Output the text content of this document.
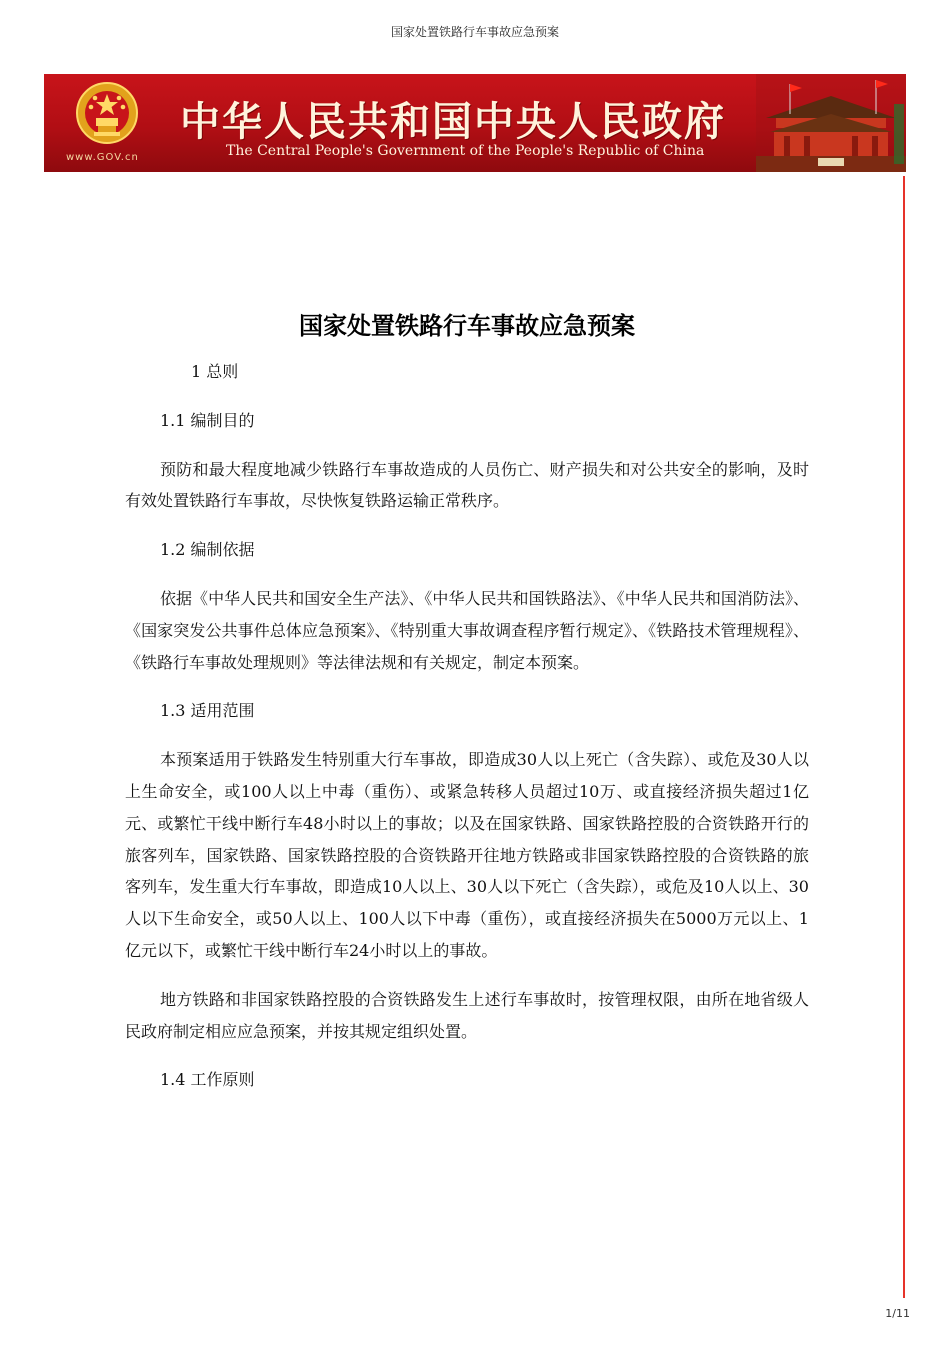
国家处置铁路行车事故应急预案
www.GOV.cn
中华人民共和国中央人民政府
The Central People's Government of the People's Republic of China
国家处置铁路行车事故应急预案

1 总则

1.1 编制目的

预防和最大程度地减少铁路行车事故造成的人员伤亡、财产损失和对公共安全的影响，及时有效处置铁路行车事故，尽快恢复铁路运输正常秩序。

1.2 编制依据

依据《中华人民共和国安全生产法》、《中华人民共和国铁路法》、《中华人民共和国消防法》、《国家突发公共事件总体应急预案》、《特别重大事故调查程序暂行规定》、《铁路技术管理规程》、《铁路行车事故处理规则》等法律法规和有关规定，制定本预案。

1.3 适用范围

本预案适用于铁路发生特别重大行车事故，即造成30人以上死亡（含失踪）、或危及30人以上生命安全，或100人以上中毒（重伤）、或紧急转移人员超过10万、或直接经济损失超过1亿元、或繁忙干线中断行车48小时以上的事故；以及在国家铁路、国家铁路控股的合资铁路开行的旅客列车，国家铁路、国家铁路控股的合资铁路开往地方铁路或非国家铁路控股的合资铁路的旅客列车，发生重大行车事故，即造成10人以上、30人以下死亡（含失踪），或危及10人以上、30人以下生命安全，或50人以上、100人以下中毒（重伤），或直接经济损失在5000万元以上、1亿元以下，或繁忙干线中断行车24小时以上的事故。

地方铁路和非国家铁路控股的合资铁路发生上述行车事故时，按管理权限，由所在地省级人民政府制定相应应急预案，并按其规定组织处置。

1.4 工作原则

1/11
